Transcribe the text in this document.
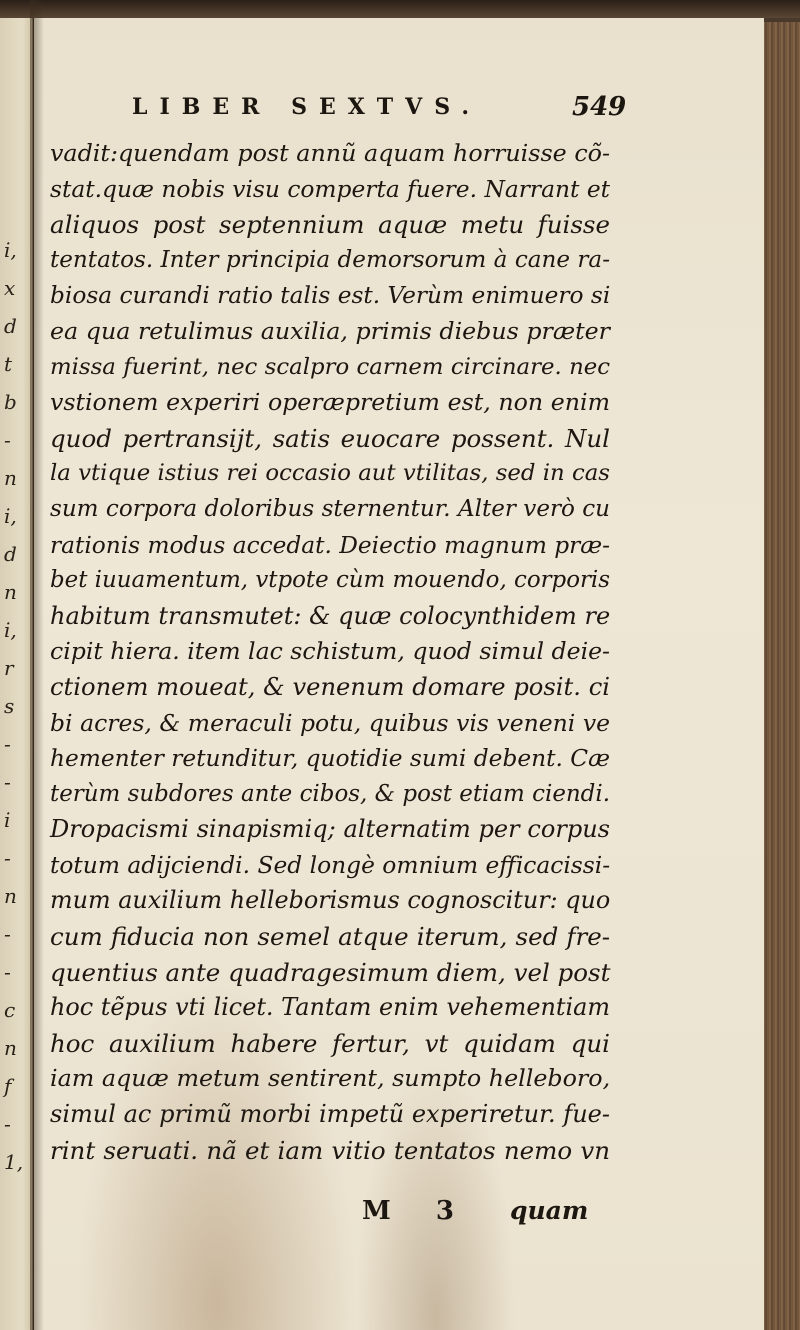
i,
x
d
t
b
-
n
i,
d
n
i,
r
s
-
-
i
-
n
-
-
c
n
f
-
1,
LIBER SEXTVS.	549
vadit:quendam post annũ aquam horruisse cõ-
stat.quæ nobis visu comperta fuere. Narrant et
aliquos post septennium aquæ metu fuisse
tentatos. Inter principia demorsorum à cane ra-
biosa curandi ratio talis est. Verùm enimuero si
ea qua retulimus auxilia, primis diebus præter
missa fuerint, nec scalpro carnem circinare. nec
vstionem experiri operæpretium est, non enim
quod pertransijt, satis euocare possent. Nul
la vtique istius rei occasio aut vtilitas, sed in cas
sum corpora doloribus sternentur. Alter verò cu
rationis modus accedat. Deiectio magnum præ-
bet iuuamentum, vtpote cùm mouendo, corporis
habitum transmutet: & quæ colocynthidem re
cipit hiera. item lac schistum, quod simul deie-
ctionem moueat, & venenum domare posit. ci
bi acres, & meraculi potu, quibus vis veneni ve
hementer retunditur, quotidie sumi debent. Cæ
terùm subdores ante cibos, & post etiam ciendi.
Dropacismi sinapismiq; alternatim per corpus
totum adijciendi. Sed longè omnium efficacissi-
mum auxilium helleborismus cognoscitur: quo
cum fiducia non semel atque iterum, sed fre-
quentius ante quadragesimum diem, vel post
hoc tẽpus vti licet. Tantam enim vehementiam
hoc auxilium habere fertur, vt quidam qui
iam aquæ metum sentirent, sumpto helleboro,
simul ac primũ morbi impetũ experiretur. fue-
rint seruati. nã et iam vitio tentatos nemo vn
M 3 quam
